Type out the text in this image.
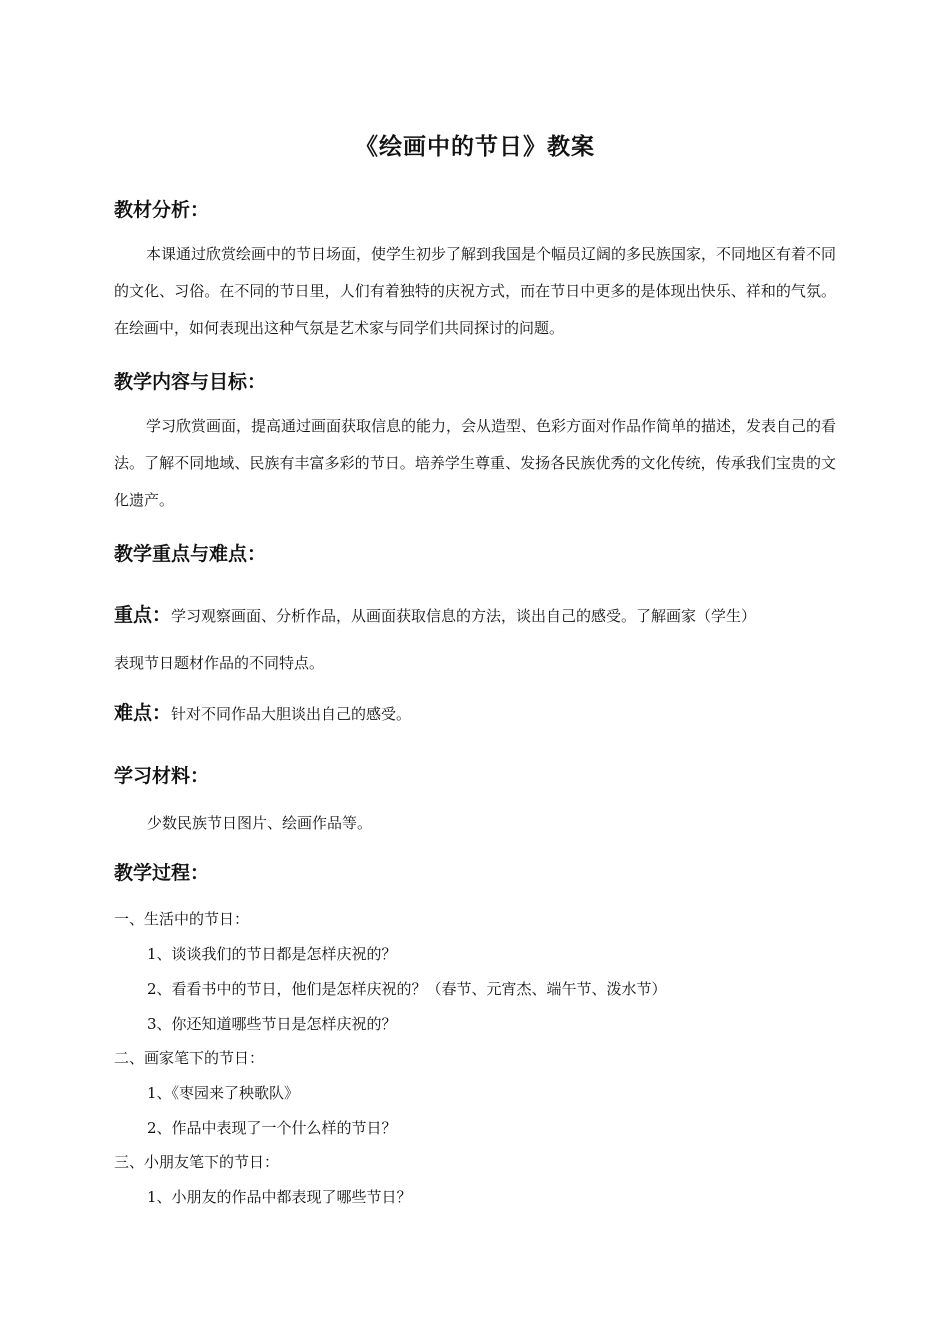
《绘画中的节日》教案
教材分析：
本课通过欣赏绘画中的节日场面，使学生初步了解到我国是个幅员辽阔的多民族国家，不同地区有着不同的文化、习俗。在不同的节日里，人们有着独特的庆祝方式，而在节日中更多的是体现出快乐、祥和的气氛。在绘画中，如何表现出这种气氛是艺术家与同学们共同探讨的问题。
教学内容与目标：
学习欣赏画面，提高通过画面获取信息的能力，会从造型、色彩方面对作品作简单的描述，发表自己的看法。了解不同地域、民族有丰富多彩的节日。培养学生尊重、发扬各民族优秀的文化传统，传承我们宝贵的文化遗产。
教学重点与难点：
重点：学习观察画面、分析作品，从画面获取信息的方法，谈出自己的感受。了解画家（学生）
表现节日题材作品的不同特点。
难点：针对不同作品大胆谈出自己的感受。
学习材料：
少数民族节日图片、绘画作品等。
教学过程：
一、生活中的节日：
1、谈谈我们的节日都是怎样庆祝的？
2、看看书中的节日，他们是怎样庆祝的？（春节、元宵杰、端午节、泼水节）
3、你还知道哪些节日是怎样庆祝的？
二、画家笔下的节日：
1、《枣园来了秧歌队》
2、作品中表现了一个什么样的节日？
三、小朋友笔下的节日：
1、小朋友的作品中都表现了哪些节日？
